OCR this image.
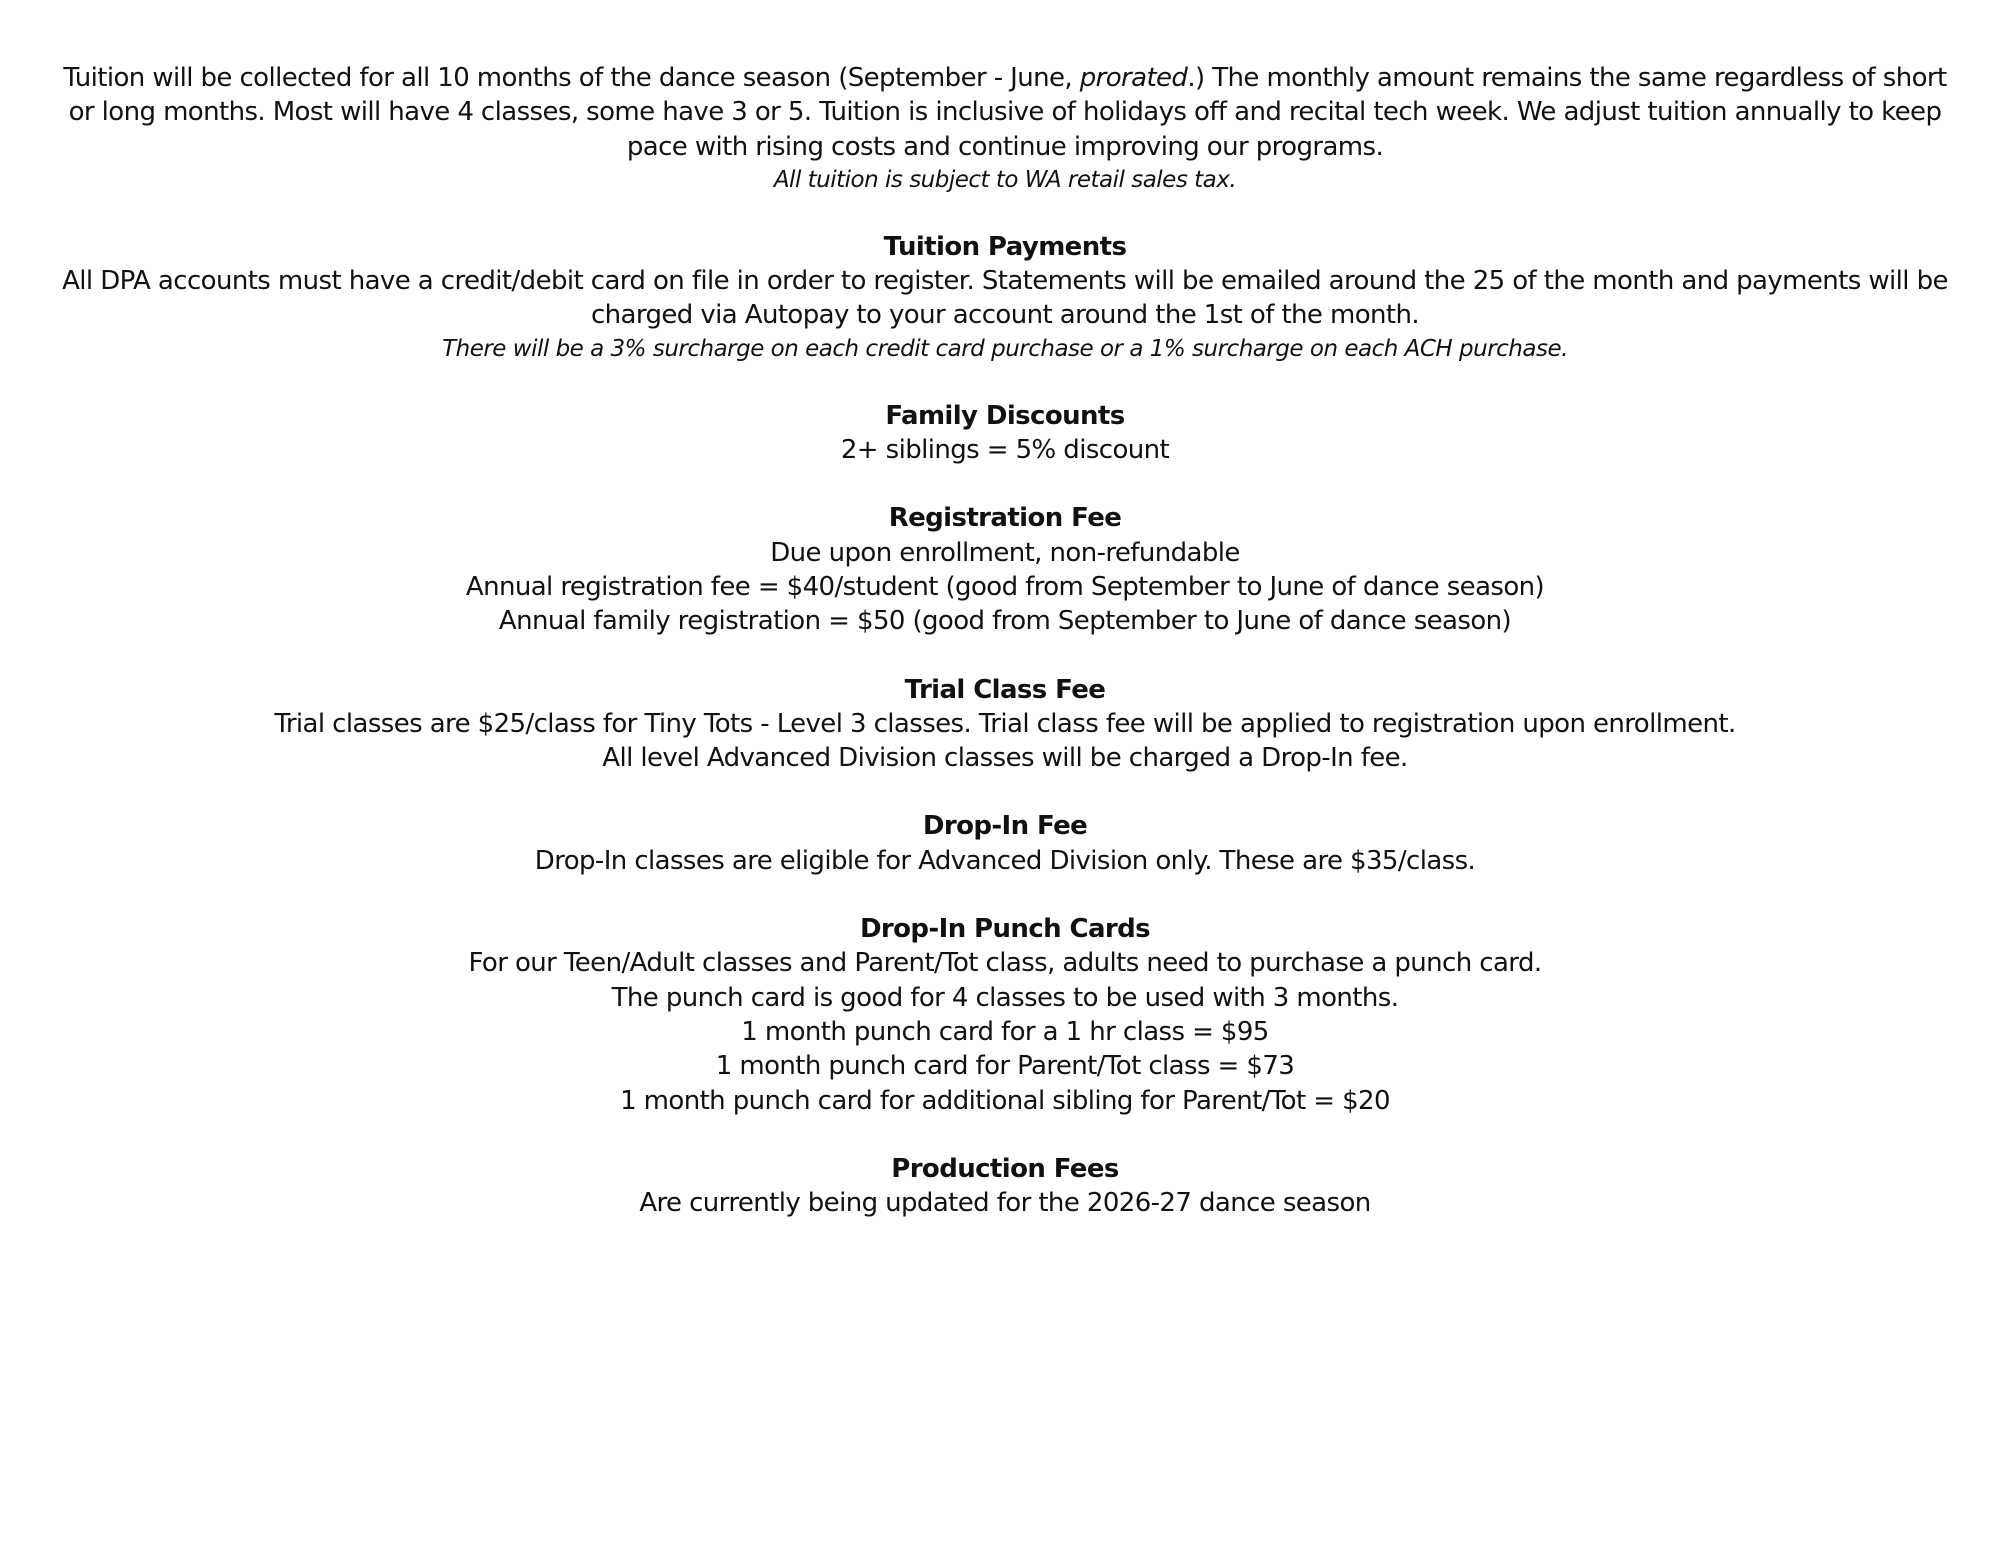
Tuition will be collected for all 10 months of the dance season (September - June, prorated.) The monthly amount remains the same regardless of short or long months. Most will have 4 classes, some have 3 or 5. Tuition is inclusive of holidays off and recital tech week. We adjust tuition annually to keep pace with rising costs and continue improving our programs.

All tuition is subject to WA retail sales tax.

Tuition Payments

All DPA accounts must have a credit/debit card on file in order to register. Statements will be emailed around the 25 of the month and payments will be

charged via Autopay to your account around the 1st of the month.

There will be a 3% surcharge on each credit card purchase or a 1% surcharge on each ACH purchase.

Family Discounts

2+ siblings = 5% discount

Registration Fee

Due upon enrollment, non-refundable

Annual registration fee = $40/student (good from September to June of dance season)

Annual family registration = $50 (good from September to June of dance season)

Trial Class Fee

Trial classes are $25/class for Tiny Tots - Level 3 classes. Trial class fee will be applied to registration upon enrollment.

All level Advanced Division classes will be charged a Drop-In fee.

Drop-In Fee

Drop-In classes are eligible for Advanced Division only. These are $35/class.

Drop-In Punch Cards

For our Teen/Adult classes and Parent/Tot class, adults need to purchase a punch card.

The punch card is good for 4 classes to be used with 3 months.

1 month punch card for a 1 hr class = $95

1 month punch card for Parent/Tot class = $73

1 month punch card for additional sibling for Parent/Tot = $20

Production Fees

Are currently being updated for the 2026-27 dance season
